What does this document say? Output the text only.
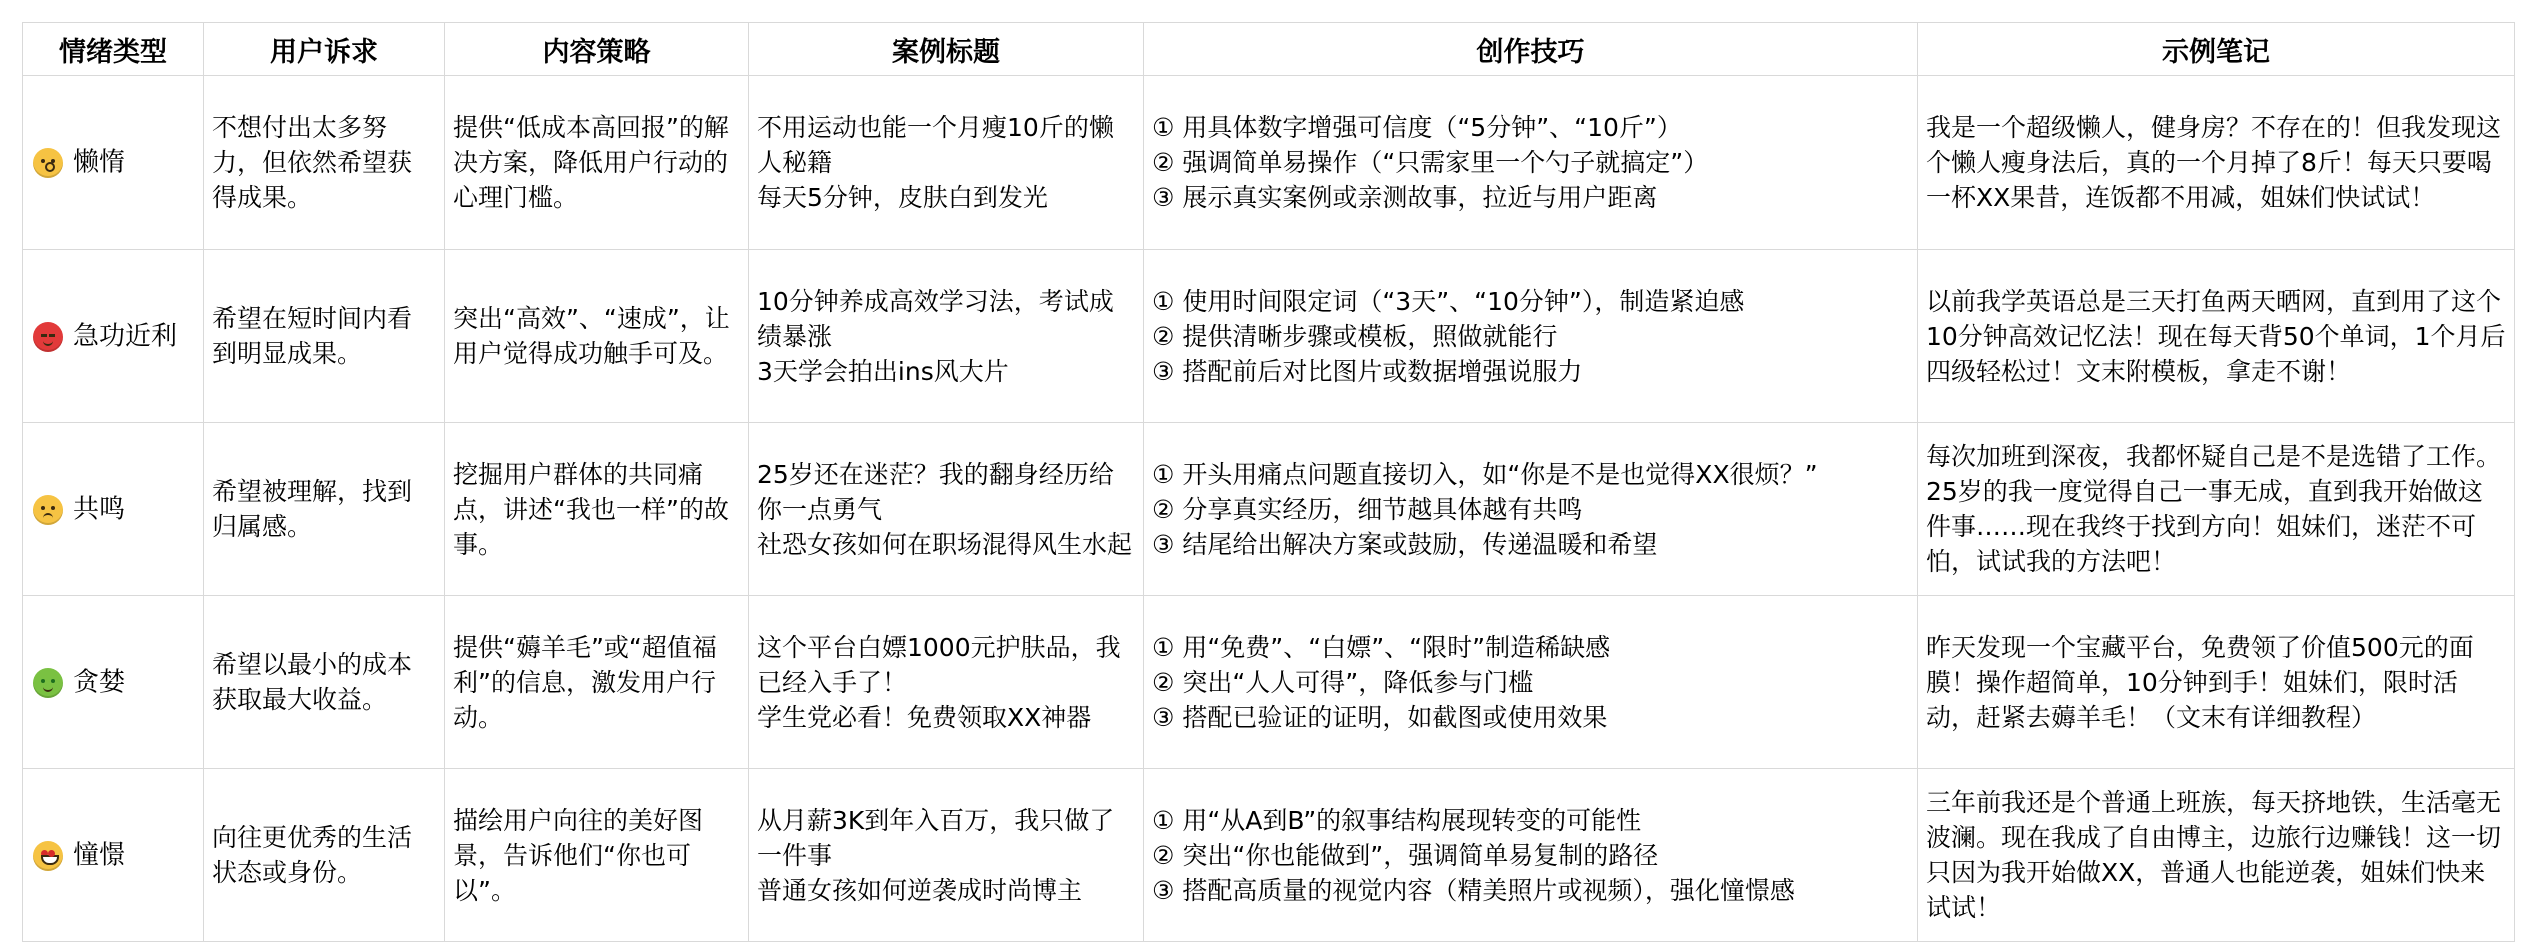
情绪类型	用户诉求	内容策略	案例标题	创作技巧	示例笔记

懒惰	不想付出太多努力，但依然希望获得成果。	提供“低成本高回报”的解决方案，降低用户行动的心理门槛。	不用运动也能一个月瘦10斤的懒人秘籍
每天5分钟，皮肤白到发光	① 用具体数字增强可信度（“5分钟”、“10斤”）
② 强调简单易操作（“只需家里一个勺子就搞定”）
③ 展示真实案例或亲测故事，拉近与用户距离	我是一个超级懒人，健身房？不存在的！但我发现这个懒人瘦身法后，真的一个月掉了8斤！每天只要喝一杯XX果昔，连饭都不用减，姐妹们快试试！

急功近利	希望在短时间内看到明显成果。	突出“高效”、“速成”，让用户觉得成功触手可及。	10分钟养成高效学习法，考试成绩暴涨
3天学会拍出ins风大片	① 使用时间限定词（“3天”、“10分钟”），制造紧迫感
② 提供清晰步骤或模板，照做就能行
③ 搭配前后对比图片或数据增强说服力	以前我学英语总是三天打鱼两天晒网，直到用了这个10分钟高效记忆法！现在每天背50个单词，1个月后四级轻松过！文末附模板，拿走不谢！

共鸣	希望被理解，找到归属感。	挖掘用户群体的共同痛点，讲述“我也一样”的故事。	25岁还在迷茫？我的翻身经历给你一点勇气
社恐女孩如何在职场混得风生水起	① 开头用痛点问题直接切入，如“你是不是也觉得XX很烦？”
② 分享真实经历，细节越具体越有共鸣
③ 结尾给出解决方案或鼓励，传递温暖和希望	每次加班到深夜，我都怀疑自己是不是选错了工作。25岁的我一度觉得自己一事无成，直到我开始做这件事……现在我终于找到方向！姐妹们，迷茫不可怕，试试我的方法吧！

贪婪	希望以最小的成本获取最大收益。	提供“薅羊毛”或“超值福利”的信息，激发用户行动。	这个平台白嫖1000元护肤品，我已经入手了！
学生党必看！免费领取XX神器	① 用“免费”、“白嫖”、“限时”制造稀缺感
② 突出“人人可得”，降低参与门槛
③ 搭配已验证的证明，如截图或使用效果	昨天发现一个宝藏平台，免费领了价值500元的面膜！操作超简单，10分钟到手！姐妹们，限时活动，赶紧去薅羊毛！（文末有详细教程）

憧憬	向往更优秀的生活状态或身份。	描绘用户向往的美好图景，告诉他们“你也可以”。	从月薪3K到年入百万，我只做了一件事
普通女孩如何逆袭成时尚博主	① 用“从A到B”的叙事结构展现转变的可能性
② 突出“你也能做到”，强调简单易复制的路径
③ 搭配高质量的视觉内容（精美照片或视频），强化憧憬感	三年前我还是个普通上班族，每天挤地铁，生活毫无波澜。现在我成了自由博主，边旅行边赚钱！这一切只因为我开始做XX，普通人也能逆袭，姐妹们快来试试！
